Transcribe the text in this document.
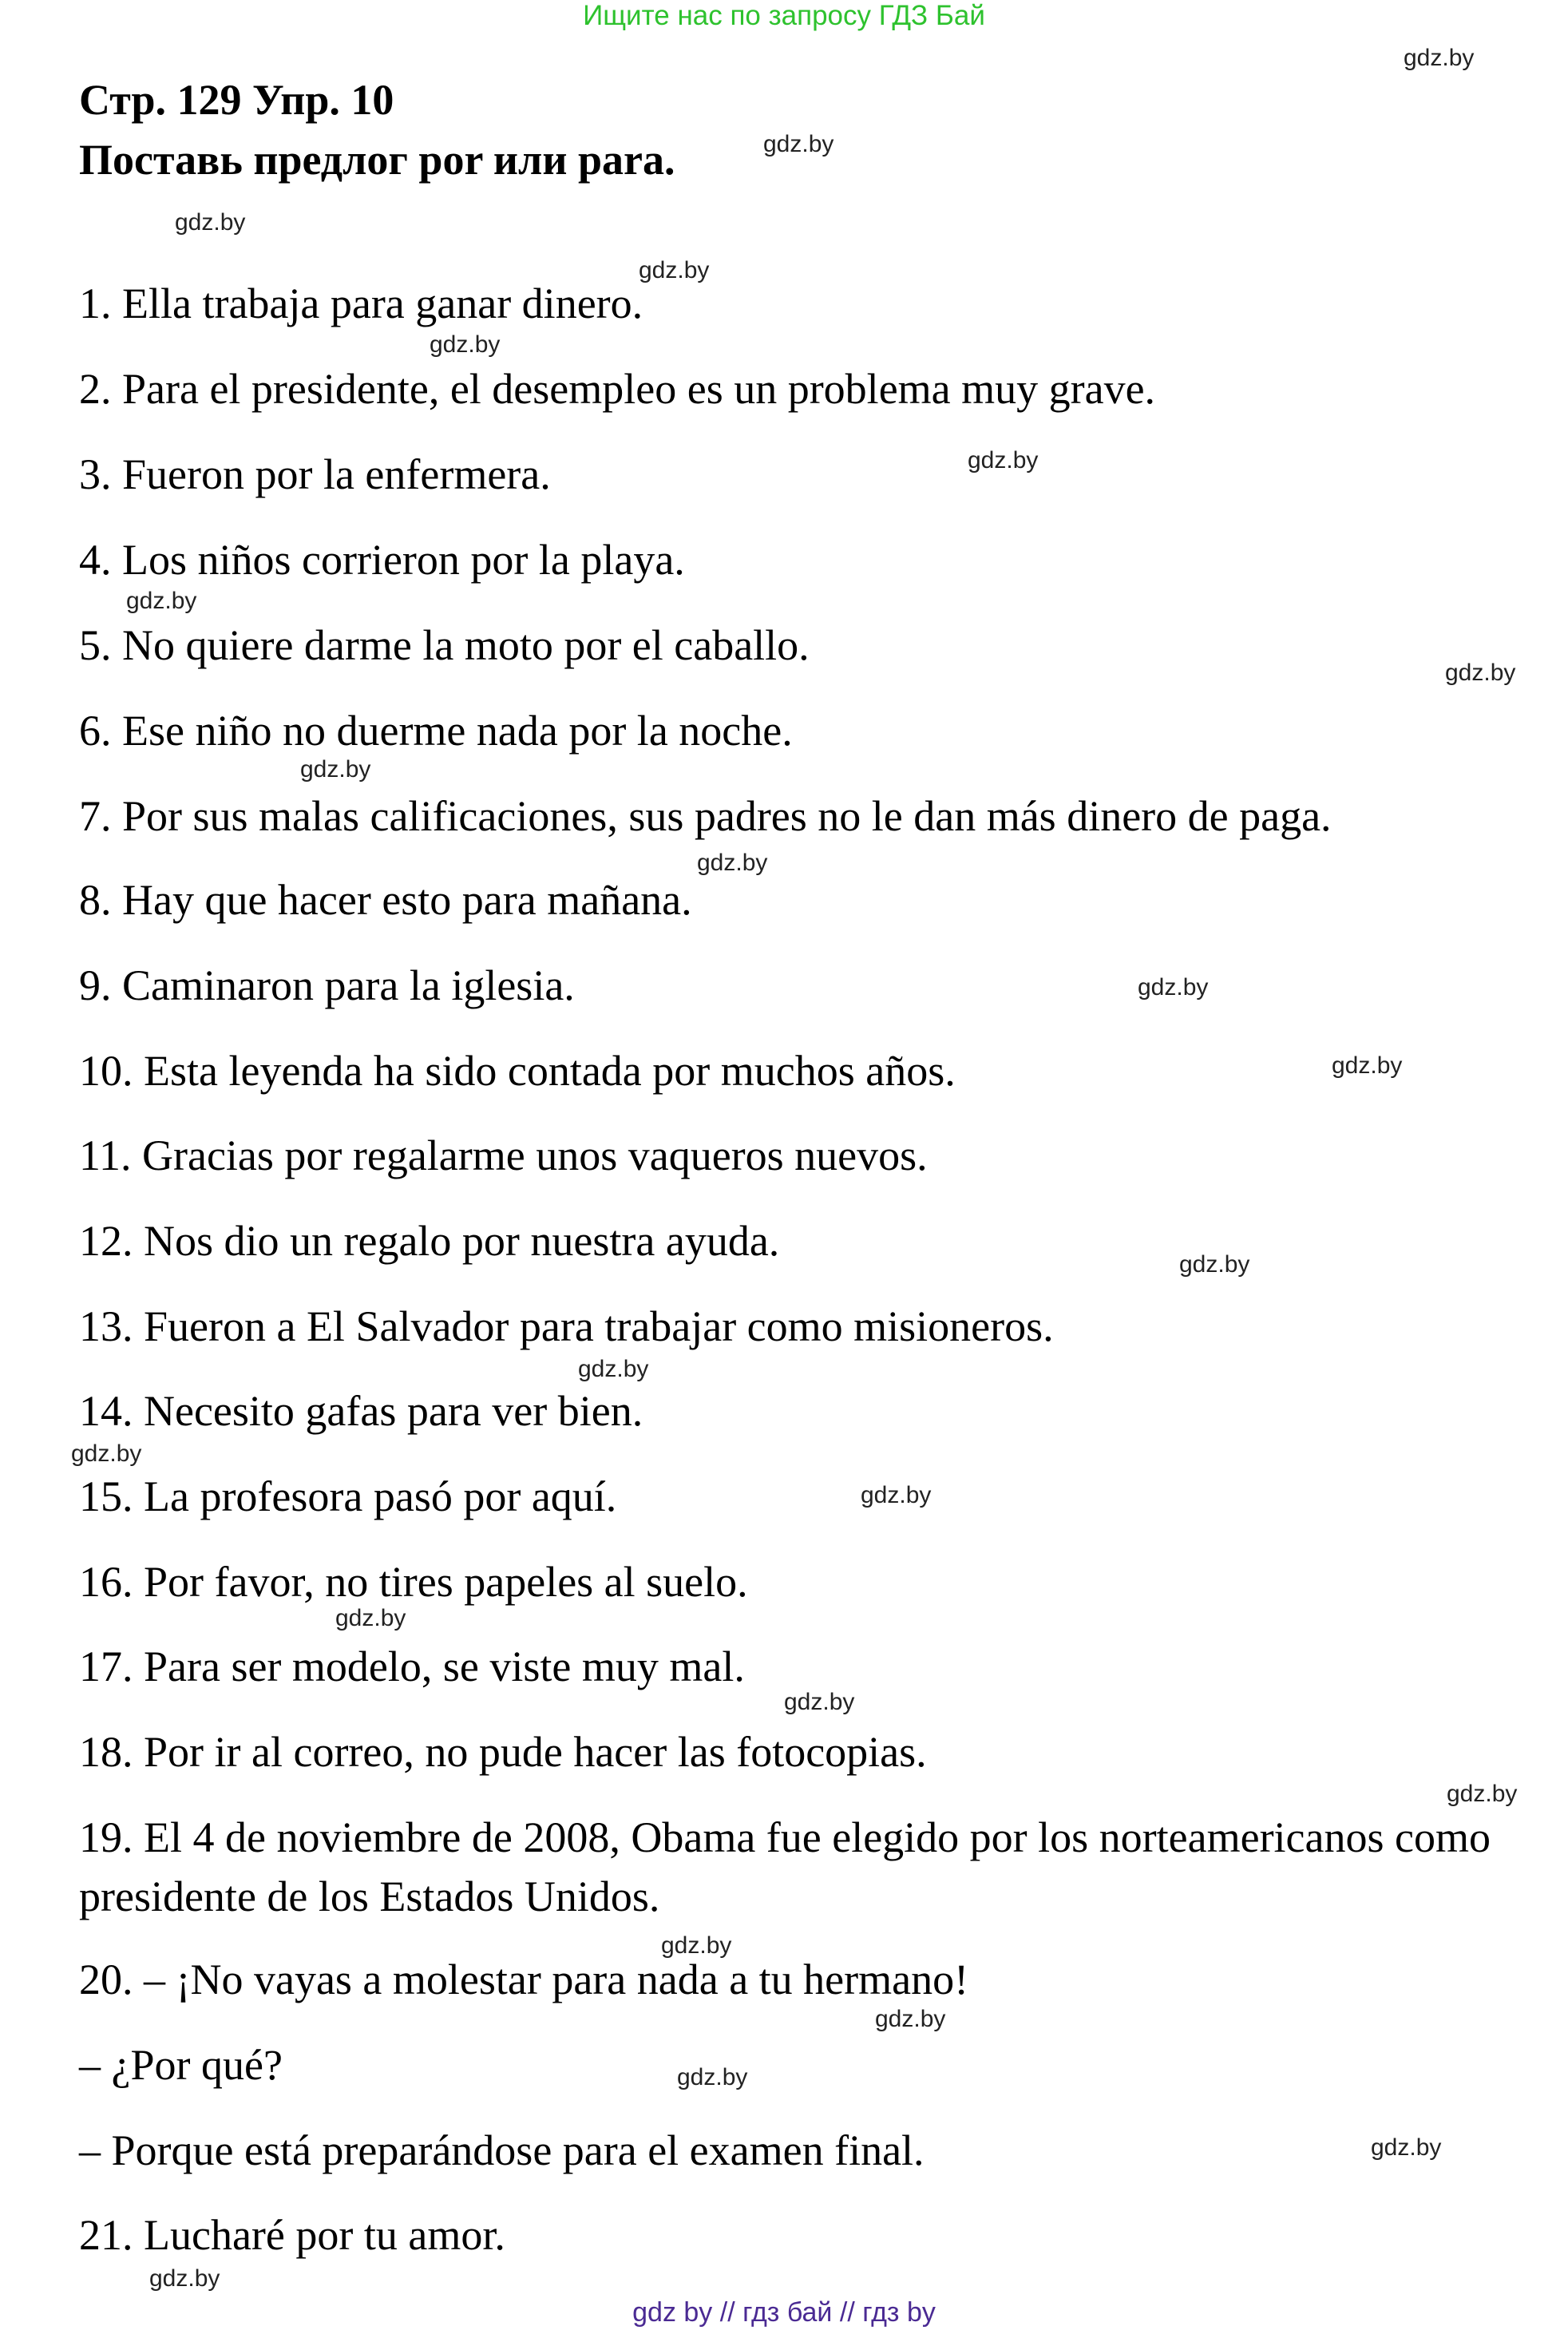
Ищите нас по запросу ГДЗ Бай
Стр. 129 Упр. 10
Поставь предлог por или para.
1. Ella trabaja para ganar dinero.
2. Para el presidente, el desempleo es un problema muy grave.
3. Fueron por la enfermera.
4. Los niños corrieron por la playa.
5. No quiere darme la moto por el caballo.
6. Ese niño no duerme nada por la noche.
7. Por sus malas calificaciones, sus padres no le dan más dinero de paga.
8. Hay que hacer esto para mañana.
9. Caminaron para la iglesia.
10. Esta leyenda ha sido contada por muchos años.
11. Gracias por regalarme unos vaqueros nuevos.
12. Nos dio un regalo por nuestra ayuda.
13. Fueron a El Salvador para trabajar como misioneros.
14. Necesito gafas para ver bien.
15. La profesora pasó por aquí.
16. Por favor, no tires papeles al suelo.
17. Para ser modelo, se viste muy mal.
18. Por ir al correo, no pude hacer las fotocopias.
19. El 4 de noviembre de 2008, Obama fue elegido por los norteamericanos como presidente de los Estados Unidos.
20. – ¡No vayas a molestar para nada a tu hermano!
– ¿Por qué?
– Porque está preparándose para el examen final.
21. Lucharé por tu amor.
gdz.by
gdz.by
gdz.by
gdz.by
gdz.by
gdz.by
gdz.by
gdz.by
gdz.by
gdz.by
gdz.by
gdz.by
gdz.by
gdz.by
gdz.by
gdz.by
gdz.by
gdz.by
gdz.by
gdz.by
gdz.by
gdz.by
gdz.by
gdz.by
gdz by // гдз бай // гдз by
